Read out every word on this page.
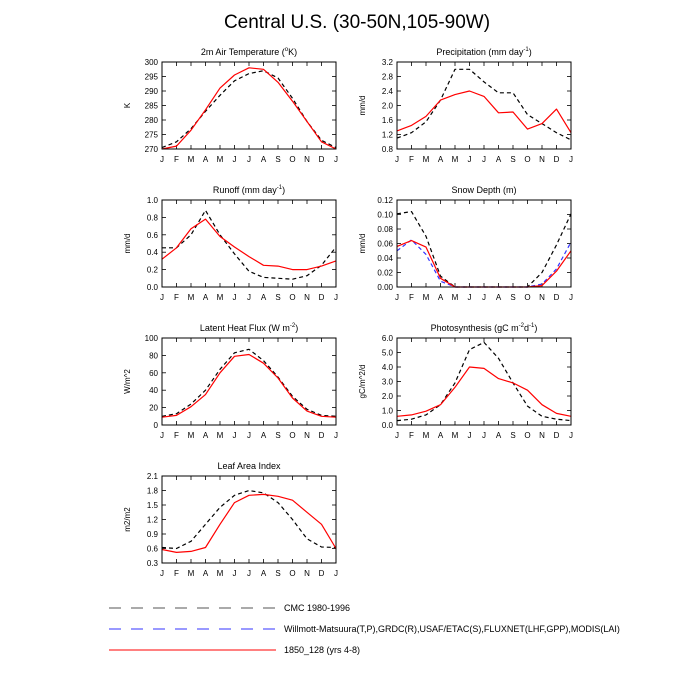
Central U.S. (30-50N,105-90W)
2m Air Temperature ($^o$K)
270
275
280
285
290
295
300
K
J F M A M J J A S O N D J
Precipitation (mm day$^{-1}$)
0.8
1.2
1.6
2.0
2.4
2.8
3.2
mm/d
J F M A M J J A S O N D J
Runoff (mm day$^{-1}$)
0.0
0.2
0.4
0.6
0.8
1.0
mm/d
J F M A M J J A S O N D J
Snow Depth (m)
0.00
0.02
0.04
0.06
0.08
0.10
0.12
mm/d
J F M A M J J A S O N D J
Latent Heat Flux (W $m^{-2}$)
0
20
40
60
80
100
W/m^2
J F M A M J J A S O N D J
Photosynthesis (gC $m^{-2}d^{-1}$)
0.0
1.0
2.0
3.0
4.0
5.0
6.0
gC/m^2/d
J F M A M J J A S O N D J
Leaf Area Index
0.3
0.6
0.9
1.2
1.5
1.8
2.1
m2/m2
J F M A M J J A S O N D J
CMC 1980-1996
Willmott-Matsuura(T,P),GRDC(R),USAF/ETAC(S),FLUXNET(LHF,GPP),MODIS(LAI)
1850_128 (yrs 4-8)
